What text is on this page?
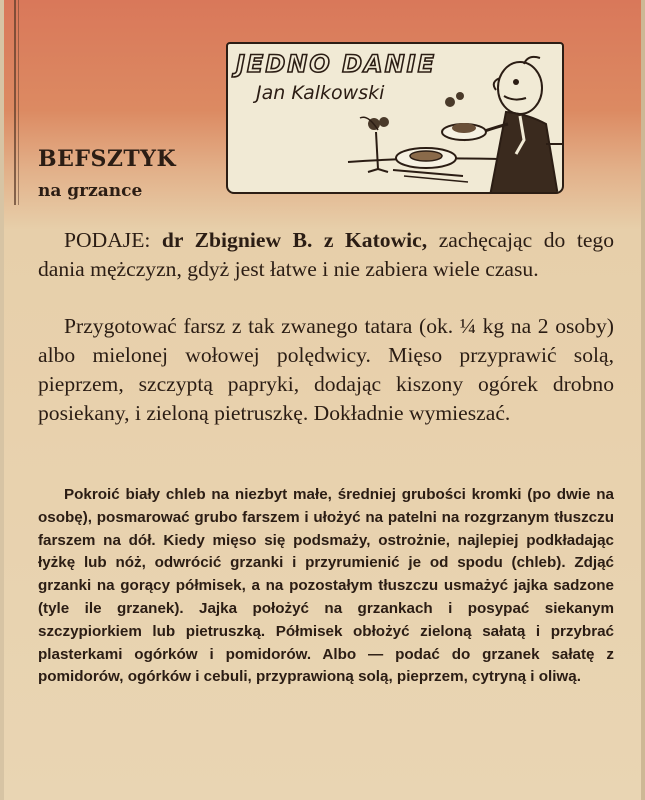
JEDNO DANIE
Jan Kalkowski
BEFSZTYK
na grzance

PODAJE: dr Zbigniew B. z Katowic, zachęcając do tego dania mężczyzn, gdyż jest łatwe i nie zabiera wiele czasu.

Przygotować farsz z tak zwanego tatara (ok. ¼ kg na 2 osoby) albo mielonej wołowej polędwicy. Mięso przyprawić solą, pieprzem, szczyptą papryki, dodając kiszony ogórek drobno posiekany, i zieloną pietruszkę. Dokładnie wymieszać.

Pokroić biały chleb na niezbyt małe, średniej grubości kromki (po dwie na osobę), posmarować grubo farszem i ułożyć na patelni na rozgrzanym tłuszczu farszem na dół. Kiedy mięso się podsmaży, ostrożnie, najlepiej podkładając łyżkę lub nóż, odwrócić grzanki i przyrumienić je od spodu (chleb). Zdjąć grzanki na gorący półmisek, a na pozostałym tłuszczu usmażyć jajka sadzone (tyle ile grzanek). Jajka położyć na grzankach i posypać siekanym szczypiorkiem lub pietruszką. Półmisek obłożyć zieloną sałatą i przybrać plasterkami ogórków i pomidorów. Albo — podać do grzanek sałatę z pomidorów, ogórków i cebuli, przyprawioną solą, pieprzem, cytryną i oliwą.
